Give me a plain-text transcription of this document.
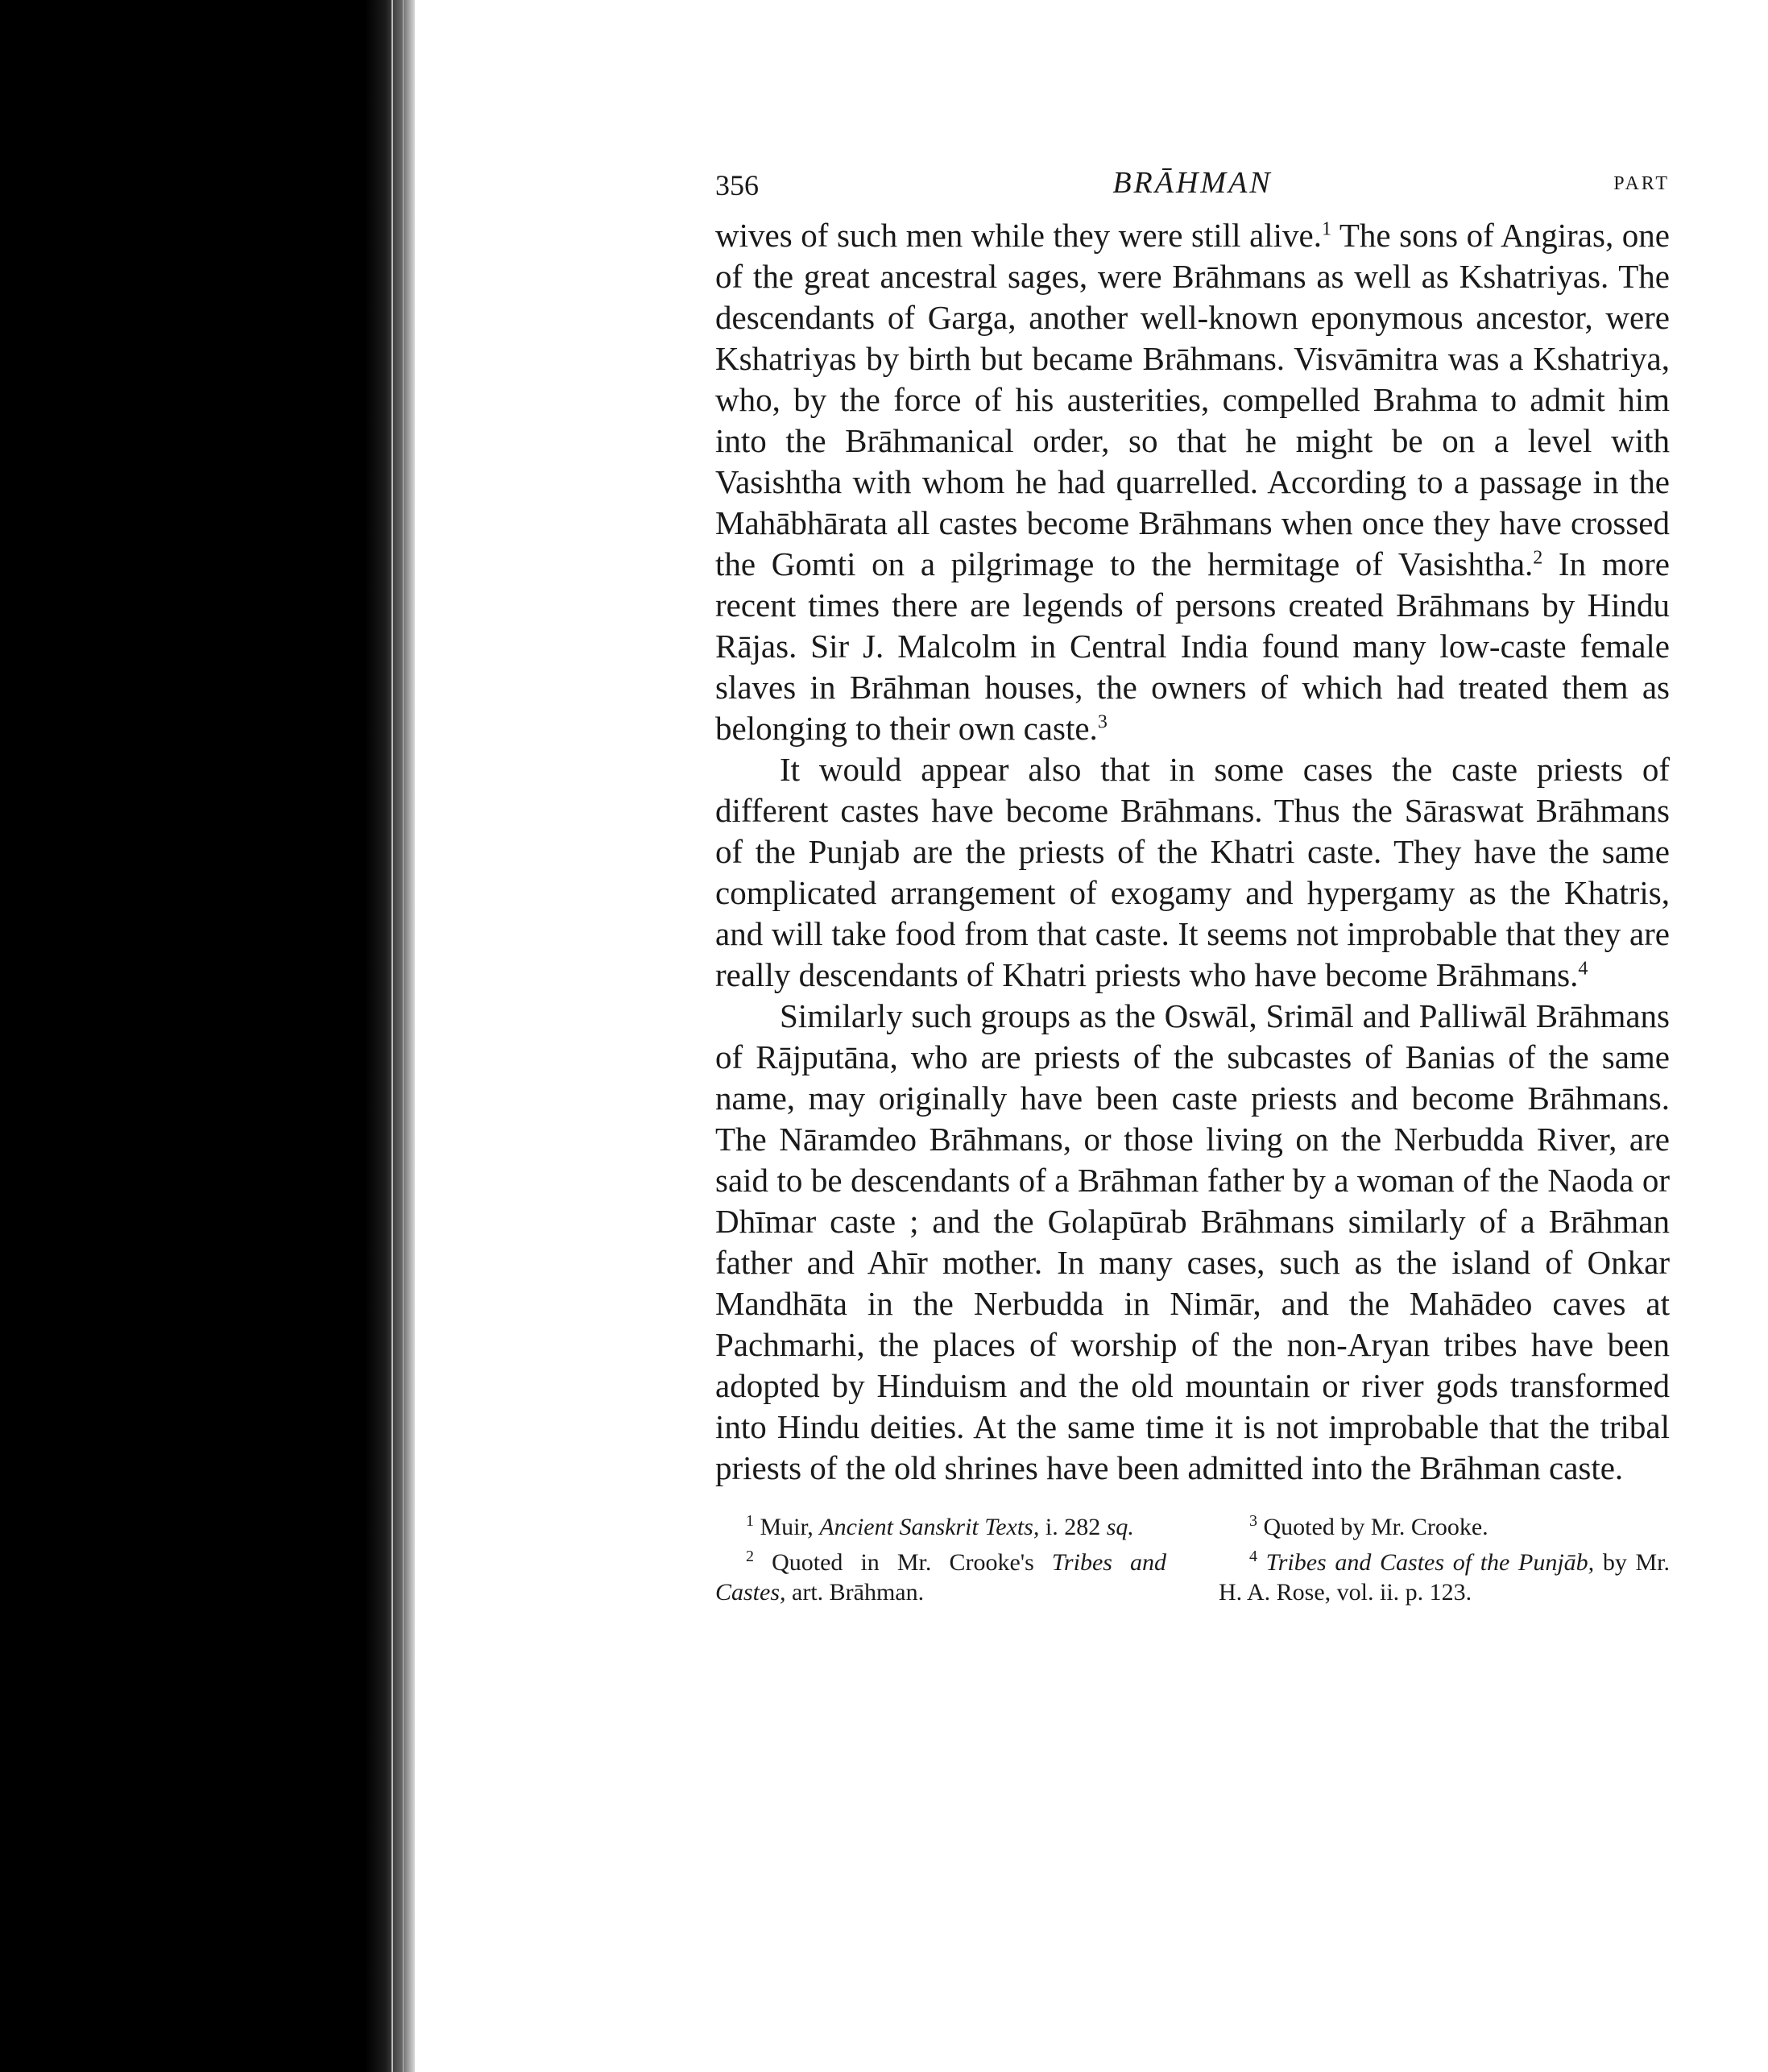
356	BRĀHMAN	PART

wives of such men while they were still alive.$^1$ The sons of Angiras, one of the great ancestral sages, were Brāhmans as well as Kshatriyas. The descendants of Garga, another well-known eponymous ancestor, were Kshatriyas by birth but became Brāhmans. Visvāmitra was a Kshatriya, who, by the force of his austerities, compelled Brahma to admit him into the Brāhmanical order, so that he might be on a level with Vasishtha with whom he had quarrelled. According to a passage in the Mahābhārata all castes become Brāhmans when once they have crossed the Gomti on a pilgrimage to the hermitage of Vasishtha.$^2$ In more recent times there are legends of persons created Brāhmans by Hindu Rājas. Sir J. Malcolm in Central India found many low-caste female slaves in Brāhman houses, the owners of which had treated them as belonging to their own caste.$^3$

It would appear also that in some cases the caste priests of different castes have become Brāhmans. Thus the Sāraswat Brāhmans of the Punjab are the priests of the Khatri caste. They have the same complicated arrangement of exogamy and hypergamy as the Khatris, and will take food from that caste. It seems not improbable that they are really descendants of Khatri priests who have become Brāhmans.$^4$

Similarly such groups as the Oswāl, Srimāl and Palliwāl Brāhmans of Rājputāna, who are priests of the subcastes of Banias of the same name, may originally have been caste priests and become Brāhmans. The Nāramdeo Brāhmans, or those living on the Nerbudda River, are said to be descendants of a Brāhman father by a woman of the Naoda or Dhīmar caste ; and the Golapūrab Brāhmans similarly of a Brāhman father and Ahīr mother. In many cases, such as the island of Onkar Mandhāta in the Nerbudda in Nimār, and the Mahādeo caves at Pachmarhi, the places of worship of the non-Aryan tribes have been adopted by Hinduism and the old mountain or river gods transformed into Hindu deities. At the same time it is not improbable that the tribal priests of the old shrines have been admitted into the Brāhman caste.

$^1$ Muir, Ancient Sanskrit Texts, i. 282 sq.

$^2$ Quoted in Mr. Crooke's Tribes and Castes, art. Brāhman.

$^3$ Quoted by Mr. Crooke.

$^4$ Tribes and Castes of the Punjāb, by Mr. H. A. Rose, vol. ii. p. 123.
